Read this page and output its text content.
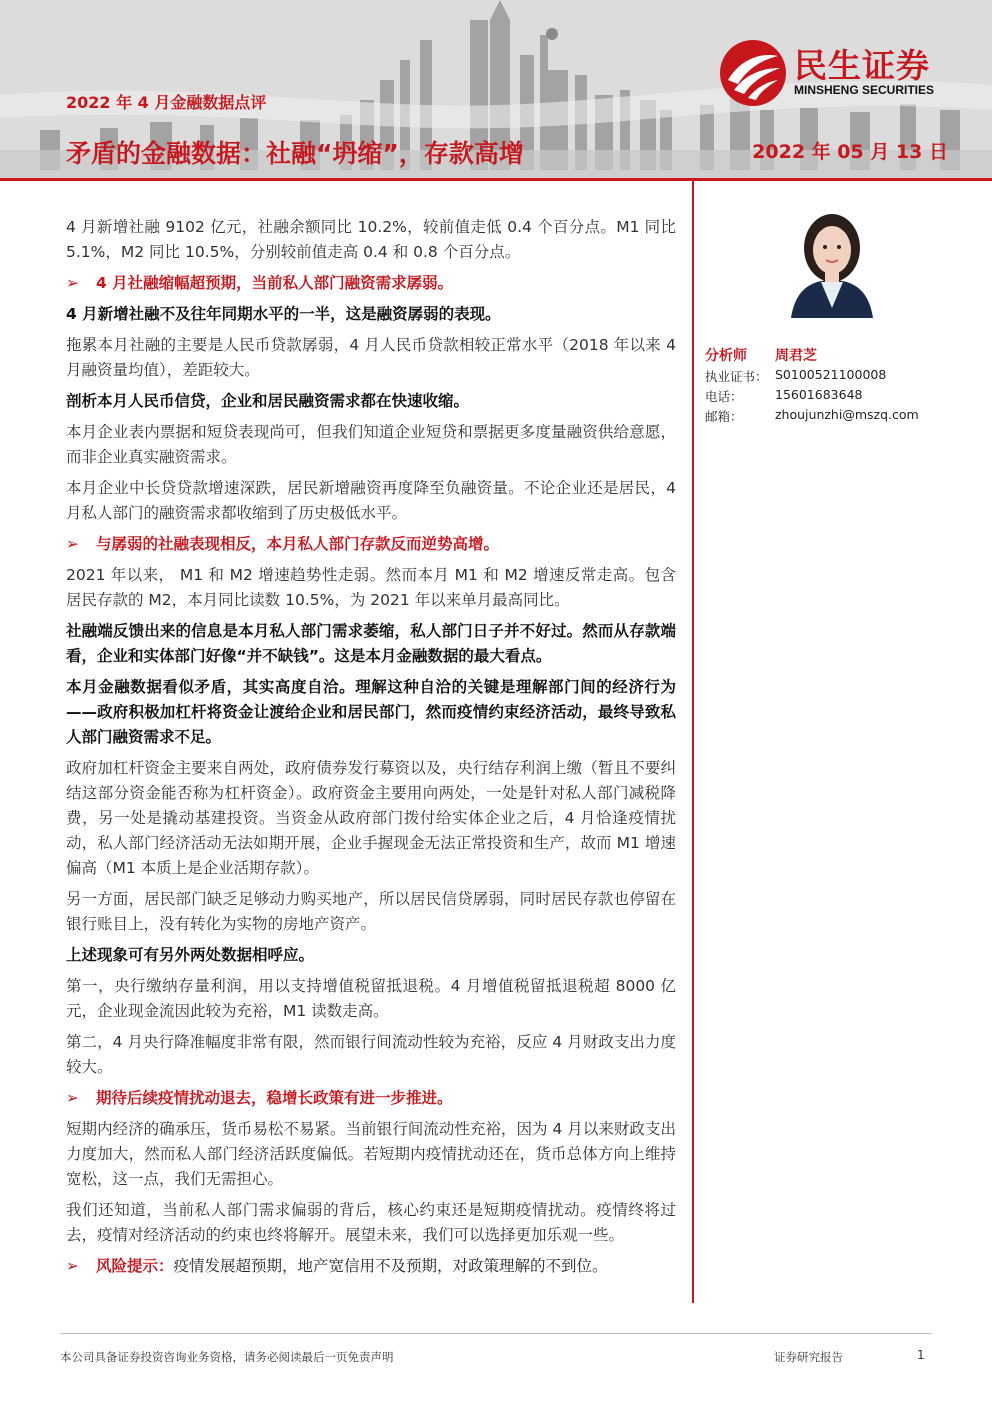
2022 年 4 月金融数据点评
矛盾的金融数据：社融“坍缩”，存款高增	2022 年 05 月 13 日
民生证券
MINSHENG SECURITIES

4 月新增社融 9102 亿元，社融余额同比 10.2%，较前值走低 0.4 个百分点。M1 同比 5.1%，M2 同比 10.5%，分别较前值走高 0.4 和 0.8 个百分点。

➢ 4 月社融缩幅超预期，当前私人部门融资需求孱弱。

4 月新增社融不及往年同期水平的一半，这是融资孱弱的表现。

拖累本月社融的主要是人民币贷款孱弱，4 月人民币贷款相较正常水平（2018 年以来 4 月融资量均值），差距较大。

剖析本月人民币信贷，企业和居民融资需求都在快速收缩。

本月企业表内票据和短贷表现尚可，但我们知道企业短贷和票据更多度量融资供给意愿，而非企业真实融资需求。

本月企业中长贷贷款增速深跌，居民新增融资再度降至负融资量。不论企业还是居民，4 月私人部门的融资需求都收缩到了历史极低水平。

➢ 与孱弱的社融表现相反，本月私人部门存款反而逆势高增。

2021 年以来， M1 和 M2 增速趋势性走弱。然而本月 M1 和 M2 增速反常走高。包含居民存款的 M2，本月同比读数 10.5%，为 2021 年以来单月最高同比。

社融端反馈出来的信息是本月私人部门需求萎缩，私人部门日子并不好过。然而从存款端看，企业和实体部门好像“并不缺钱”。这是本月金融数据的最大看点。

本月金融数据看似矛盾，其实高度自洽。理解这种自洽的关键是理解部门间的经济行为——政府积极加杠杆将资金让渡给企业和居民部门，然而疫情约束经济活动，最终导致私人部门融资需求不足。

政府加杠杆资金主要来自两处，政府债券发行募资以及，央行结存利润上缴（暂且不要纠结这部分资金能否称为杠杆资金）。政府资金主要用向两处，一处是针对私人部门减税降费，另一处是撬动基建投资。当资金从政府部门拨付给实体企业之后，4 月恰逢疫情扰动，私人部门经济活动无法如期开展，企业手握现金无法正常投资和生产，故而 M1 增速偏高（M1 本质上是企业活期存款）。

另一方面，居民部门缺乏足够动力购买地产，所以居民信贷孱弱，同时居民存款也停留在银行账目上，没有转化为实物的房地产资产。

上述现象可有另外两处数据相呼应。

第一，央行缴纳存量利润，用以支持增值税留抵退税。4 月增值税留抵退税超 8000 亿元，企业现金流因此较为充裕，M1 读数走高。

第二，4 月央行降准幅度非常有限，然而银行间流动性较为充裕，反应 4 月财政支出力度较大。

➢ 期待后续疫情扰动退去，稳增长政策有进一步推进。

短期内经济的确承压，货币易松不易紧。当前银行间流动性充裕，因为 4 月以来财政支出力度加大，然而私人部门经济活跃度偏低。若短期内疫情扰动还在，货币总体方向上维持宽松，这一点，我们无需担心。

我们还知道，当前私人部门需求偏弱的背后，核心约束还是短期疫情扰动。疫情终将过去，疫情对经济活动的约束也终将解开。展望未来，我们可以选择更加乐观一些。

➢ 风险提示：疫情发展超预期，地产宽信用不及预期，对政策理解的不到位。

分析师 周君芝
执业证书： S0100521100008
电话：	15601683648
邮箱：	zhoujunzhi@mszq.com
本公司具备证券投资咨询业务资格，请务必阅读最后一页免责声明	证券研究报告	1
